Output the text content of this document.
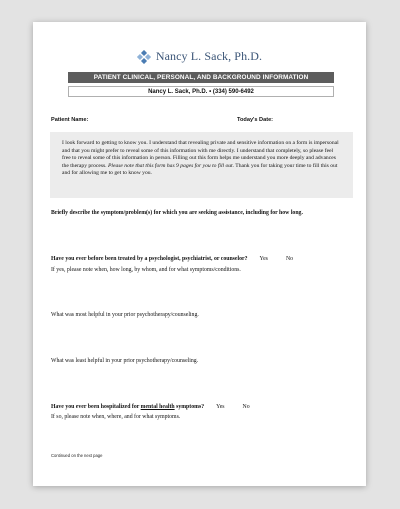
Nancy L. Sack, Ph.D.
PATIENT CLINICAL, PERSONAL, AND BACKGROUND INFORMATION
Nancy L. Sack, Ph.D. • (334) 590-6492
Patient Name:	Today's Date:
I look forward to getting to know you. I understand that revealing private and sensitive information on a form is impersonal and that you might prefer to reveal some of this information with me directly. I understand that completely, so please feel free to reveal some of this information in person. Filling out this form helps me understand you more deeply and advances the therapy process. Please note that this form has 9 pages for you to fill out. Thank you for taking your time to fill this out and for allowing me to get to know you.
Briefly describe the symptom/problem(s) for which you are seeking assistance, including for how long.
Have you ever before been treated by a psychologist, psychiatrist, or counselor? Yes	No
If yes, please note when, how long, by whom, and for what symptoms/conditions.
What was most helpful in your prior psychotherapy/counseling.
What was least helpful in your prior psychotherapy/counseling.
Have you ever been hospitalized for mental health symptoms? Yes	No
If so, please note when, where, and for what symptoms.
Continued on the next page
